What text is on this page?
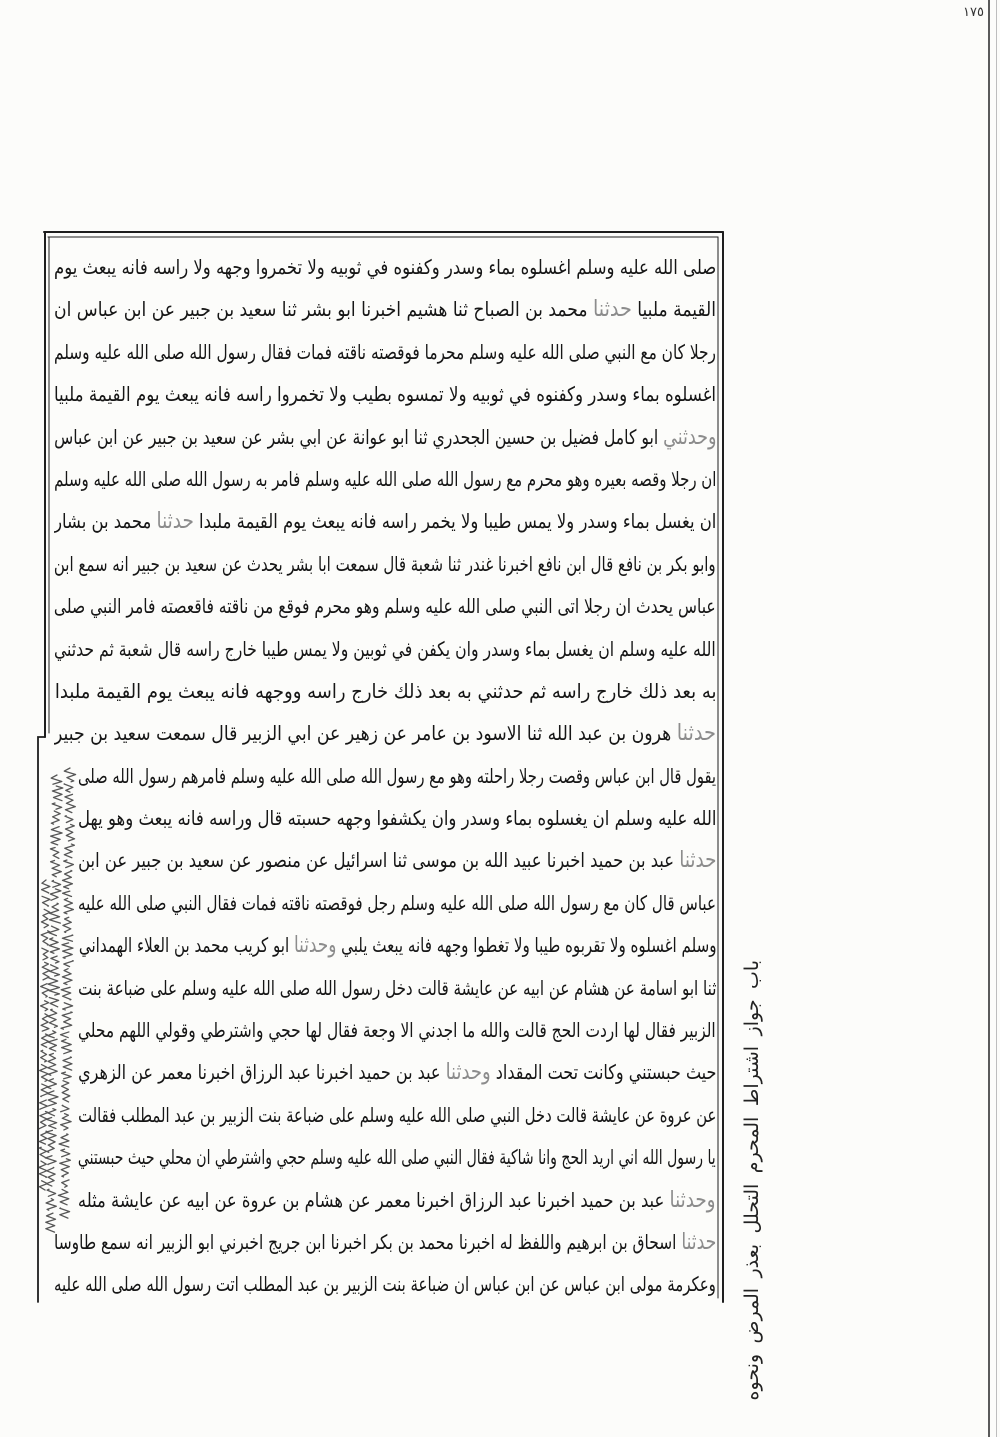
١٧٥
صلى الله عليه وسلم اغسلوه بماء وسدر وكفنوه في ثوبيه ولا تخمروا وجهه ولا راسه فانه يبعث يوم
القيمة ملبيا حدثنا محمد بن الصباح ثنا هشيم اخبرنا ابو بشر ثنا سعيد بن جبير عن ابن عباس ان
رجلا كان مع النبي صلى الله عليه وسلم محرما فوقصته ناقته فمات فقال رسول الله صلى الله عليه وسلم
اغسلوه بماء وسدر وكفنوه في ثوبيه ولا تمسوه بطيب ولا تخمروا راسه فانه يبعث يوم القيمة ملبيا
وحدثني ابو كامل فضيل بن حسين الجحدري ثنا ابو عوانة عن ابي بشر عن سعيد بن جبير عن ابن عباس
ان رجلا وقصه بعيره وهو محرم مع رسول الله صلى الله عليه وسلم فامر به رسول الله صلى الله عليه وسلم
ان يغسل بماء وسدر ولا يمس طيبا ولا يخمر راسه فانه يبعث يوم القيمة ملبدا حدثنا محمد بن بشار
وابو بكر بن نافع قال ابن نافع اخبرنا غندر ثنا شعبة قال سمعت ابا بشر يحدث عن سعيد بن جبير انه سمع ابن
عباس يحدث ان رجلا اتى النبي صلى الله عليه وسلم وهو محرم فوقع من ناقته فاقعصته فامر النبي صلى
الله عليه وسلم ان يغسل بماء وسدر وان يكفن في ثوبين ولا يمس طيبا خارج راسه قال شعبة ثم حدثني
به بعد ذلك خارج راسه ثم حدثني به بعد ذلك خارج راسه ووجهه فانه يبعث يوم القيمة ملبدا
حدثنا هرون بن عبد الله ثنا الاسود بن عامر عن زهير عن ابي الزبير قال سمعت سعيد بن جبير
يقول قال ابن عباس وقصت رجلا راحلته وهو مع رسول الله صلى الله عليه وسلم فامرهم رسول الله صلى
الله عليه وسلم ان يغسلوه بماء وسدر وان يكشفوا وجهه حسبته قال وراسه فانه يبعث وهو يهل
حدثنا عبد بن حميد اخبرنا عبيد الله بن موسى ثنا اسرائيل عن منصور عن سعيد بن جبير عن ابن
عباس قال كان مع رسول الله صلى الله عليه وسلم رجل فوقصته ناقته فمات فقال النبي صلى الله عليه
وسلم اغسلوه ولا تقربوه طيبا ولا تغطوا وجهه فانه يبعث يلبي وحدثنا ابو كريب محمد بن العلاء الهمداني
ثنا ابو اسامة عن هشام عن ابيه عن عايشة قالت دخل رسول الله صلى الله عليه وسلم على ضباعة بنت
الزبير فقال لها اردت الحج قالت والله ما اجدني الا وجعة فقال لها حجي واشترطي وقولي اللهم محلي
حيث حبستني وكانت تحت المقداد وحدثنا عبد بن حميد اخبرنا عبد الرزاق اخبرنا معمر عن الزهري
عن عروة عن عايشة قالت دخل النبي صلى الله عليه وسلم على ضباعة بنت الزبير بن عبد المطلب فقالت
يا رسول الله اني اريد الحج وانا شاكية فقال النبي صلى الله عليه وسلم حجي واشترطي ان محلي حيث حبستني
وحدثنا عبد بن حميد اخبرنا عبد الرزاق اخبرنا معمر عن هشام بن عروة عن ابيه عن عايشة مثله
حدثنا اسحاق بن ابرهيم واللفظ له اخبرنا محمد بن بكر اخبرنا ابن جريج اخبرني ابو الزبير انه سمع طاوسا
وعكرمة مولى ابن عباس عن ابن عباس ان ضباعة بنت الزبير بن عبد المطلب اتت رسول الله صلى الله عليه	باب جواز اشتراط المحرم التحلل بعذر المرض ونحوه
